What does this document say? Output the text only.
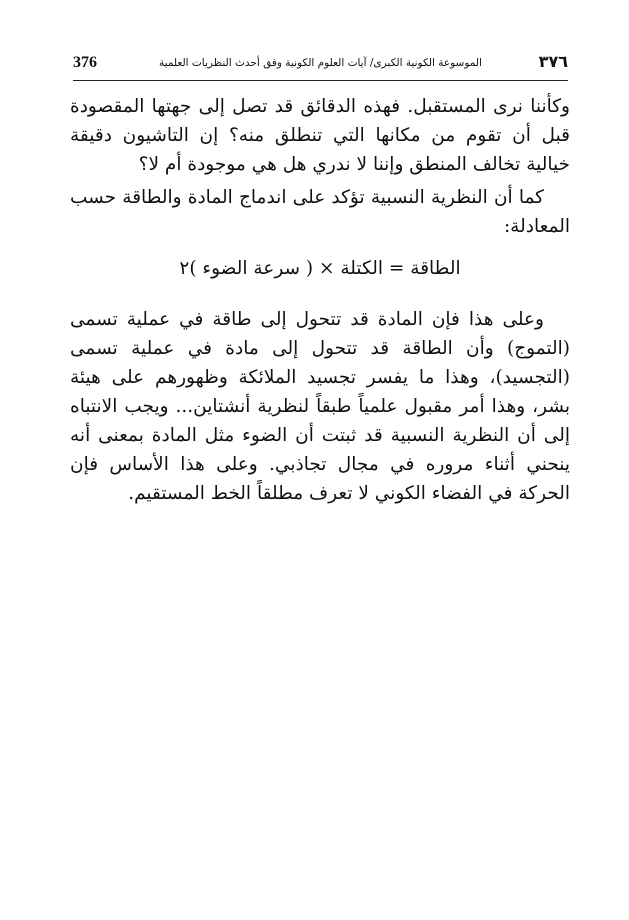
376	الموسوعة الكونية الكبرى/ آيات العلوم الكونية وفق أحدث النظريات العلمية	٣٧٦

وكأننا نرى المستقبل. فهذه الدقائق قد تصل إلى جهتها المقصودة قبل أن تقوم من مكانها التي تنطلق منه؟ إن التاشيون دقيقة خيالية تخالف المنطق وإننا لا ندري هل هي موجودة أم لا؟

كما أن النظرية النسبية تؤكد على اندماج المادة والطاقة حسب المعادلة:

الطاقة = الكتلة × ( سرعة الضوء )٢

وعلى هذا فإن المادة قد تتحول إلى طاقة في عملية تسمى (التموج) وأن الطاقة قد تتحول إلى مادة في عملية تسمى (التجسيد)، وهذا ما يفسر تجسيد الملائكة وظهورهم على هيئة بشر، وهذا أمر مقبول علمياً طبقاً لنظرية أنشتاين... ويجب الانتباه إلى أن النظرية النسبية قد ثبتت أن الضوء مثل المادة بمعنى أنه ينحني أثناء مروره في مجال تجاذبي. وعلى هذا الأساس فإن الحركة في الفضاء الكوني لا تعرف مطلقاً الخط المستقيم.
